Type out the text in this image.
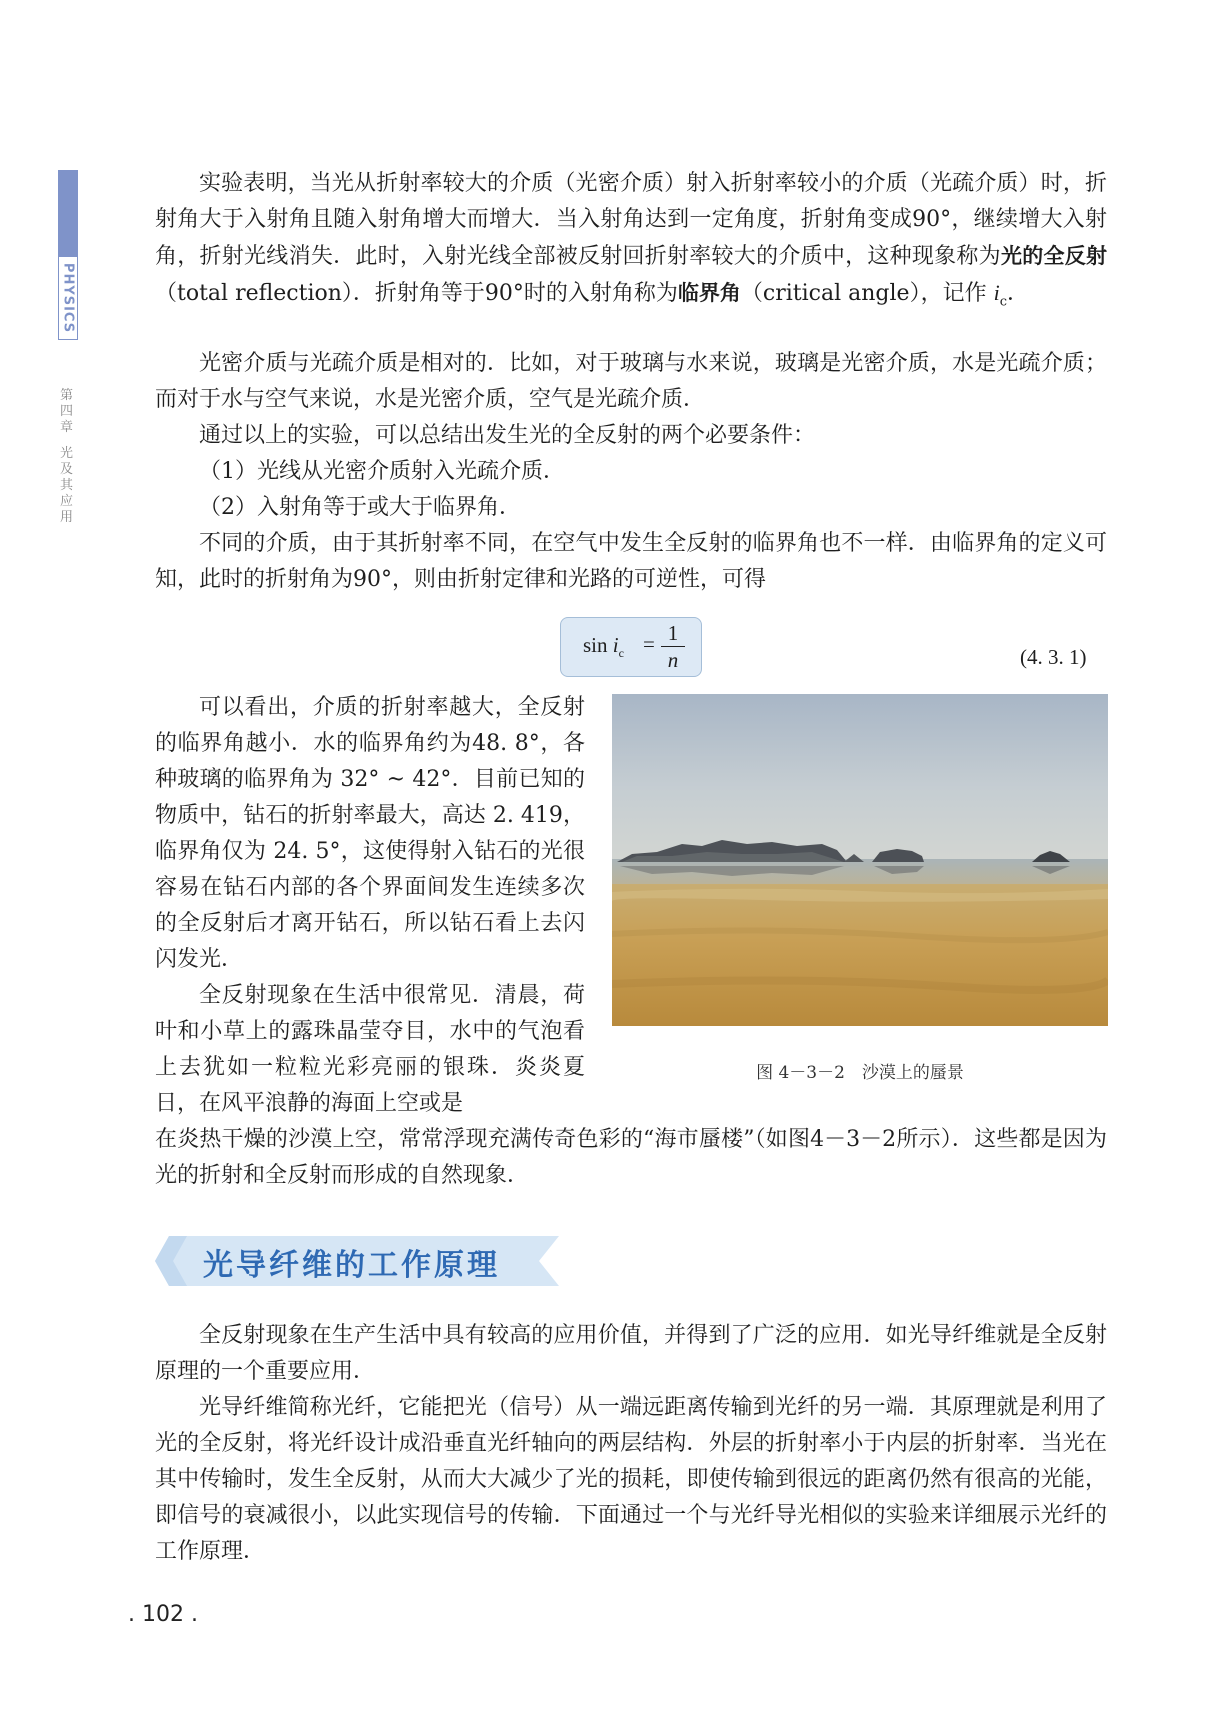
PHYSICS
第
四
章
光
及
其
应
用

实验表明，当光从折射率较大的介质（光密介质）射入折射率较小的介质（光疏介质）时，折射角大于入射角且随入射角增大而增大．当入射角达到一定角度，折射角变成90°，继续增大入射角，折射光线消失．此时，入射光线全部被反射回折射率较大的介质中，这种现象称为光的全反射（total reflection）．折射角等于90°时的入射角称为临界角（critical angle），记作 $i_c$．

光密介质与光疏介质是相对的．比如，对于玻璃与水来说，玻璃是光密介质，水是光疏介质；而对于水与空气来说，水是光密介质，空气是光疏介质．

通过以上的实验，可以总结出发生光的全反射的两个必要条件：

（1）光线从光密介质射入光疏介质．

（2）入射角等于或大于临界角．

不同的介质，由于其折射率不同，在空气中发生全反射的临界角也不一样．由临界角的定义可知，此时的折射角为90°，则由折射定律和光路的可逆性，可得

$\sin i_c = \frac{1}{n}$	(4. 3. 1)

可以看出，介质的折射率越大，全反射的临界角越小．水的临界角约为48. 8°，各种玻璃的临界角为 32° ~ 42°．目前已知的物质中，钻石的折射率最大，高达 2. 419，临界角仅为 24. 5°，这使得射入钻石的光很容易在钻石内部的各个界面间发生连续多次的全反射后才离开钻石，所以钻石看上去闪闪发光．

全反射现象在生活中很常见．清晨，荷叶和小草上的露珠晶莹夺目，水中的气泡看上去犹如一粒粒光彩亮丽的银珠．炎炎夏日，在风平浪静的海面上空或是

在炎热干燥的沙漠上空，常常浮现充满传奇色彩的“海市蜃楼”（如图4－3－2所示）．这些都是因为光的折射和全反射而形成的自然现象．

图 4－3－2　沙漠上的蜃景
光导纤维的工作原理

全反射现象在生产生活中具有较高的应用价值，并得到了广泛的应用．如光导纤维就是全反射原理的一个重要应用．

光导纤维简称光纤，它能把光（信号）从一端远距离传输到光纤的另一端．其原理就是利用了光的全反射，将光纤设计成沿垂直光纤轴向的两层结构．外层的折射率小于内层的折射率．当光在其中传输时，发生全反射，从而大大减少了光的损耗，即使传输到很远的距离仍然有很高的光能，即信号的衰减很小，以此实现信号的传输．下面通过一个与光纤导光相似的实验来详细展示光纤的工作原理．

. 102 .
